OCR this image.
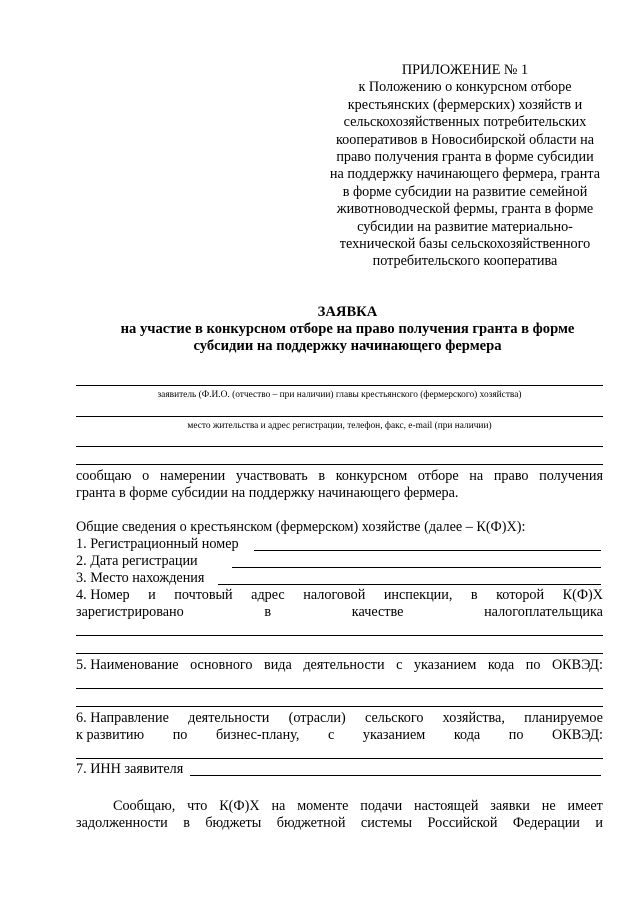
ПРИЛОЖЕНИЕ № 1
к Положению о конкурсном отборе
крестьянских (фермерских) хозяйств и
сельскохозяйственных потребительских
кооперативов в Новосибирской области на
право получения гранта в форме субсидии
на поддержку начинающего фермера, гранта
в форме субсидии на развитие семейной
животноводческой фермы, гранта в форме
субсидии на развитие материально-
технической базы сельскохозяйственного
потребительского кооператива
ЗАЯВКА
на участие в конкурсном отборе на право получения гранта в форме
субсидии на поддержку начинающего фермера
заявитель (Ф.И.О. (отчество – при наличии) главы крестьянского (фермерского) хозяйства)
место жительства и адрес регистрации, телефон, факс, e-mail (при наличии)
сообщаю о намерении участвовать в конкурсном отборе на право получения
гранта в форме субсидии на поддержку начинающего фермера.
Общие сведения о крестьянском (фермерском) хозяйстве (далее – К(Ф)Х):
1. Регистрационный номер
2. Дата регистрации
3. Место нахождения
4. Номер и почтовый адрес налоговой инспекции, в которой К(Ф)Х
зарегистрировано	в	качестве	налогоплательщика
5. Наименование основного вида деятельности с указанием кода по ОКВЭД:
6. Направление деятельности (отрасли) сельского хозяйства, планируемое
к развитию по бизнес-плану, с указанием кода по ОКВЭД:
7. ИНН заявителя
Сообщаю, что К(Ф)Х на моменте подачи настоящей заявки не имеет
задолженности в бюджеты бюджетной системы Российской Федерации и
